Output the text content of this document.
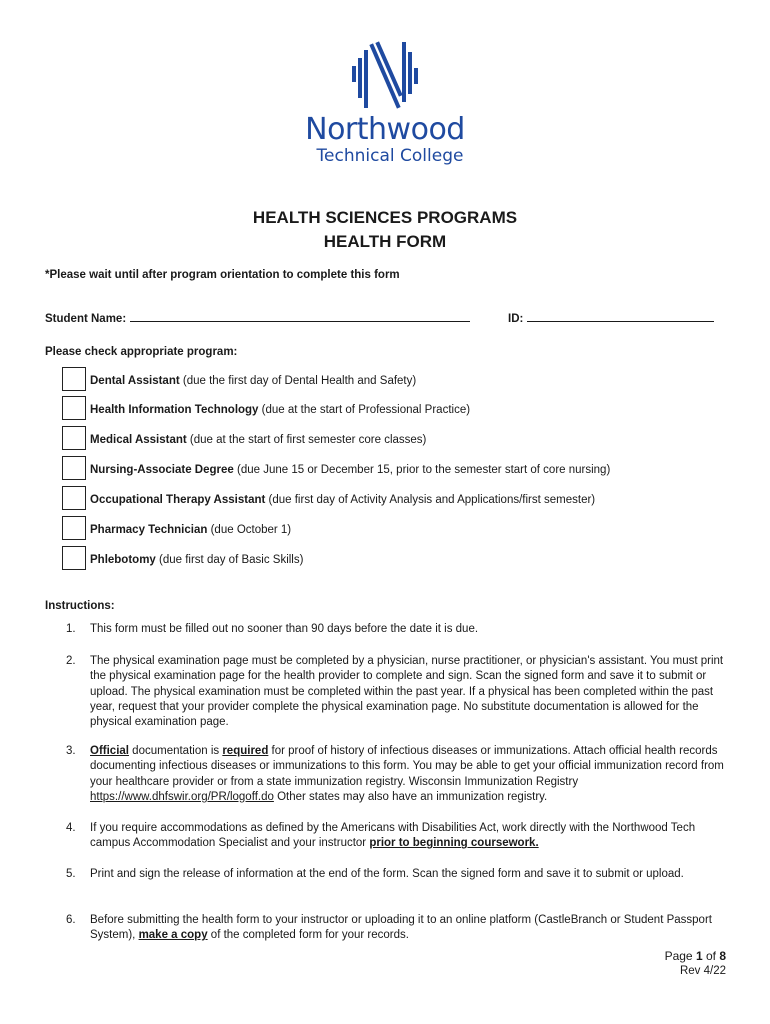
Northwood
Technical College
HEALTH SCIENCES PROGRAMS
HEALTH FORM
*Please wait until after program orientation to complete this form
Student Name:	ID:
Please check appropriate program:
Dental Assistant (due the first day of Dental Health and Safety)
Health Information Technology (due at the start of Professional Practice)
Medical Assistant (due at the start of first semester core classes)
Nursing-Associate Degree (due June 15 or December 15, prior to the semester start of core nursing)
Occupational Therapy Assistant (due first day of Activity Analysis and Applications/first semester)
Pharmacy Technician (due October 1)
Phlebotomy (due first day of Basic Skills)
Instructions:
1.	This form must be filled out no sooner than 90 days before the date it is due.
2.	The physical examination page must be completed by a physician, nurse practitioner, or physician's assistant. You must print the physical examination page for the health provider to complete and sign. Scan the signed form and save it to submit or upload. The physical examination must be completed within the past year. If a physical has been completed within the past year, request that your provider complete the physical examination page. No substitute documentation is allowed for the physical examination page.
3.	Official documentation is required for proof of history of infectious diseases or immunizations. Attach official health records documenting infectious diseases or immunizations to this form. You may be able to get your official immunization record from your healthcare provider or from a state immunization registry. Wisconsin Immunization Registry https://www.dhfswir.org/PR/logoff.do Other states may also have an immunization registry.
4.	If you require accommodations as defined by the Americans with Disabilities Act, work directly with the Northwood Tech campus Accommodation Specialist and your instructor prior to beginning coursework.
5.	Print and sign the release of information at the end of the form. Scan the signed form and save it to submit or upload.
6.	Before submitting the health form to your instructor or uploading it to an online platform (CastleBranch or Student Passport System), make a copy of the completed form for your records.
Page 1 of 8
Rev 4/22
